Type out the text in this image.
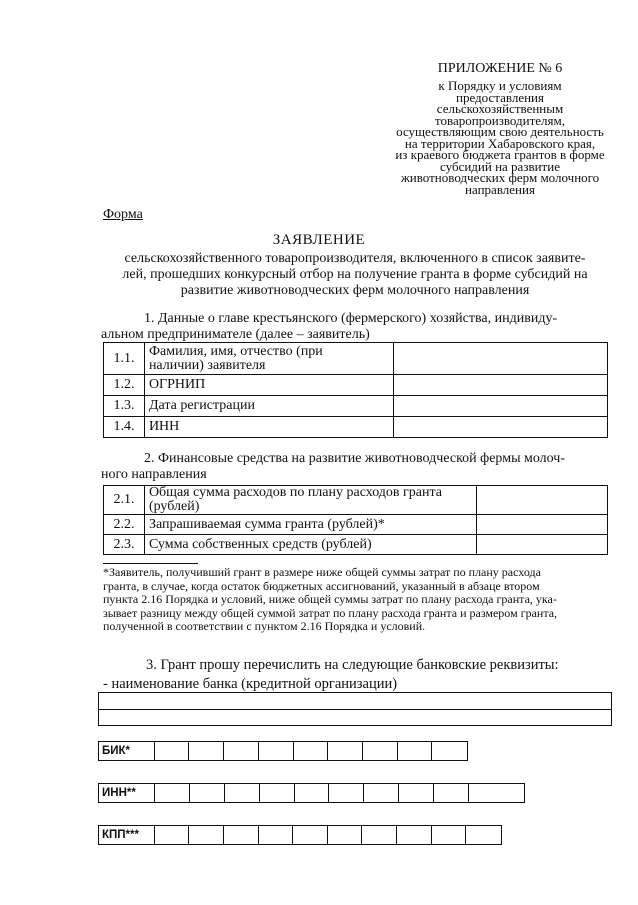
ПРИЛОЖЕНИЕ № 6
к Порядку и условиям
предоставления
сельскохозяйственным
товаропроизводителям,
осуществляющим свою деятельность
на территории Хабаровского края,
из краевого бюджета грантов в форме
субсидий на развитие
животноводческих ферм молочного
направления
Форма
ЗАЯВЛЕНИЕ
сельскохозяйственного товаропроизводителя, включенного в список заявите-
лей, прошедших конкурсный отбор на получение гранта в форме субсидий на
развитие животноводческих ферм молочного направления
1. Данные о главе крестьянского (фермерского) хозяйства, индивиду-
альном предпринимателе (далее – заявитель)
1.1.	Фамилия, имя, отчество (при
наличии) заявителя	

1.2.	ОГРНИП	
1.3.	Дата регистрации	
1.4.	ИНН	
2. Финансовые средства на развитие животноводческой фермы молоч-
ного направления
2.1.	Общая сумма расходов по плану расходов гранта
(рублей)	

2.2.	Запрашиваемая сумма гранта (рублей)*	
2.3.	Сумма собственных средств (рублей)	
*Заявитель, получивший грант в размере ниже общей суммы затрат по плану расхода
гранта, в случае, когда остаток бюджетных ассигнований, указанный в абзаце втором
пункта 2.16 Порядка и условий, ниже общей суммы затрат по плану расхода гранта, ука-
зывает разницу между общей суммой затрат по плану расхода гранта и размером гранта,
полученной в соответствии с пунктом 2.16 Порядка и условий.
3. Грант прошу перечислить на следующие банковские реквизиты:
- наименование банка (кредитной организации)
БИК*
ИНН**
КПП***
